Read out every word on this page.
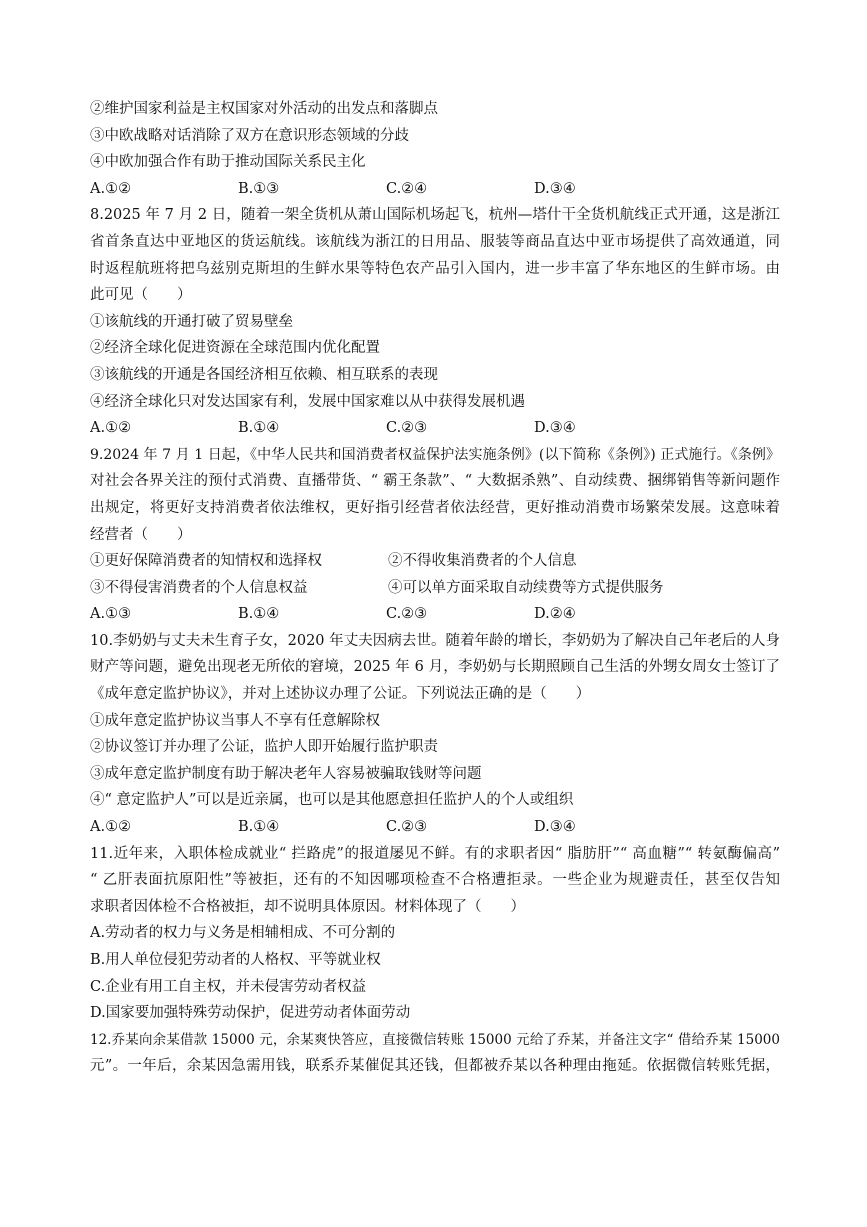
②维护国家利益是主权国家对外活动的出发点和落脚点
③中欧战略对话消除了双方在意识形态领域的分歧
④中欧加强合作有助于推动国际关系民主化
A.①②	B.①③	C.②④	D.③④
8.2025 年 7 月 2 日，随着一架全货机从萧山国际机场起飞，杭州—塔什干全货机航线正式开通，这是浙江
省首条直达中亚地区的货运航线。该航线为浙江的日用品、服装等商品直达中亚市场提供了高效通道，同
时返程航班将把乌兹别克斯坦的生鲜水果等特色农产品引入国内，进一步丰富了华东地区的生鲜市场。由
此可见（　　）
①该航线的开通打破了贸易壁垒
②经济全球化促进资源在全球范围内优化配置
③该航线的开通是各国经济相互依赖、相互联系的表现
④经济全球化只对发达国家有利，发展中国家难以从中获得发展机遇
A.①②	B.①④	C.②③	D.③④
9.2024 年 7 月 1 日起，《中华人民共和国消费者权益保护法实施条例》(以下简称《条例》) 正式施行。《条例》
对社会各界关注的预付式消费、直播带货、“ 霸王条款”、“ 大数据杀熟”、自动续费、捆绑销售等新问题作
出规定，将更好支持消费者依法维权，更好指引经营者依法经营，更好推动消费市场繁荣发展。这意味着
经营者（　　）
①更好保障消费者的知情权和选择权	②不得收集消费者的个人信息
③不得侵害消费者的个人信息权益	④可以单方面采取自动续费等方式提供服务
A.①③	B.①④	C.②③	D.②④
10.李奶奶与丈夫未生育子女，2020 年丈夫因病去世。随着年龄的增长，李奶奶为了解决自己年老后的人身
财产等问题，避免出现老无所依的窘境，2025 年 6 月，李奶奶与长期照顾自己生活的外甥女周女士签订了
《成年意定监护协议》，并对上述协议办理了公证。下列说法正确的是（　　）
①成年意定监护协议当事人不享有任意解除权
②协议签订并办理了公证，监护人即开始履行监护职责
③成年意定监护制度有助于解决老年人容易被骗取钱财等问题
④“ 意定监护人”可以是近亲属，也可以是其他愿意担任监护人的个人或组织
A.①②	B.①④	C.②③	D.③④
11.近年来，入职体检成就业“ 拦路虎”的报道屡见不鲜。有的求职者因“ 脂肪肝”“ 高血糖”“ 转氨酶偏高”
“ 乙肝表面抗原阳性”等被拒，还有的不知因哪项检查不合格遭拒录。一些企业为规避责任，甚至仅告知
求职者因体检不合格被拒，却不说明具体原因。材料体现了（　　）
A.劳动者的权力与义务是相辅相成、不可分割的
B.用人单位侵犯劳动者的人格权、平等就业权
C.企业有用工自主权，并未侵害劳动者权益
D.国家要加强特殊劳动保护，促进劳动者体面劳动
12.乔某向余某借款 15000 元，余某爽快答应，直接微信转账 15000 元给了乔某，并备注文字“ 借给乔某 15000
元”。一年后，余某因急需用钱，联系乔某催促其还钱，但都被乔某以各种理由拖延。依据微信转账凭据，
